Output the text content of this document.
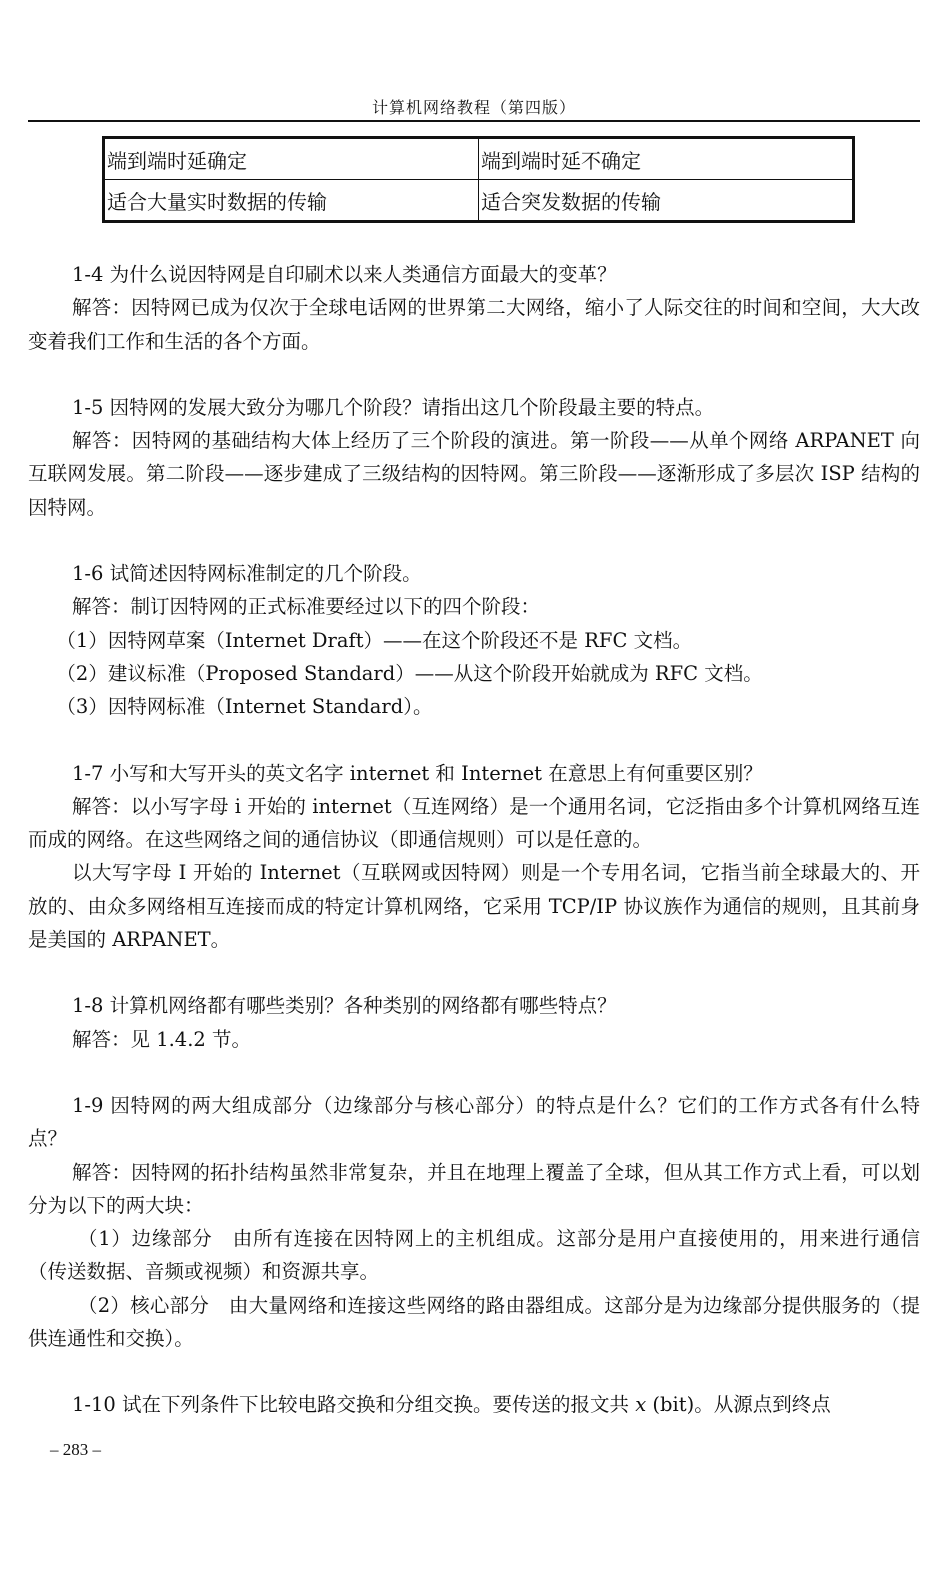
计算机网络教程（第四版）
端到端时延确定	端到端时延不确定
适合大量实时数据的传输	适合突发数据的传输

1-4 为什么说因特网是自印刷术以来人类通信方面最大的变革？

解答：因特网已成为仅次于全球电话网的世界第二大网络，缩小了人际交往的时间和空间，大大改变着我们工作和生活的各个方面。

1-5 因特网的发展大致分为哪几个阶段？请指出这几个阶段最主要的特点。

解答：因特网的基础结构大体上经历了三个阶段的演进。第一阶段——从单个网络 ARPANET 向互联网发展。第二阶段——逐步建成了三级结构的因特网。第三阶段——逐渐形成了多层次 ISP 结构的因特网。

1-6 试简述因特网标准制定的几个阶段。

解答：制订因特网的正式标准要经过以下的四个阶段：

（1）因特网草案（Internet Draft）——在这个阶段还不是 RFC 文档。

（2）建议标准（Proposed Standard）——从这个阶段开始就成为 RFC 文档。

（3）因特网标准（Internet Standard）。

1-7 小写和大写开头的英文名字 internet 和 Internet 在意思上有何重要区别？

解答：以小写字母 i 开始的 internet（互连网络）是一个通用名词，它泛指由多个计算机网络互连而成的网络。在这些网络之间的通信协议（即通信规则）可以是任意的。

以大写字母 I 开始的 Internet（互联网或因特网）则是一个专用名词，它指当前全球最大的、开放的、由众多网络相互连接而成的特定计算机网络，它采用 TCP/IP 协议族作为通信的规则，且其前身是美国的 ARPANET。

1-8 计算机网络都有哪些类别？各种类别的网络都有哪些特点？

解答：见 1.4.2 节。

1-9 因特网的两大组成部分（边缘部分与核心部分）的特点是什么？它们的工作方式各有什么特点？

解答：因特网的拓扑结构虽然非常复杂，并且在地理上覆盖了全球，但从其工作方式上看，可以划分为以下的两大块：

（1）边缘部分　由所有连接在因特网上的主机组成。这部分是用户直接使用的，用来进行通信（传送数据、音频或视频）和资源共享。

（2）核心部分　由大量网络和连接这些网络的路由器组成。这部分是为边缘部分提供服务的（提供连通性和交换）。

1-10 试在下列条件下比较电路交换和分组交换。要传送的报文共 x (bit)。从源点到终点

– 283 –
